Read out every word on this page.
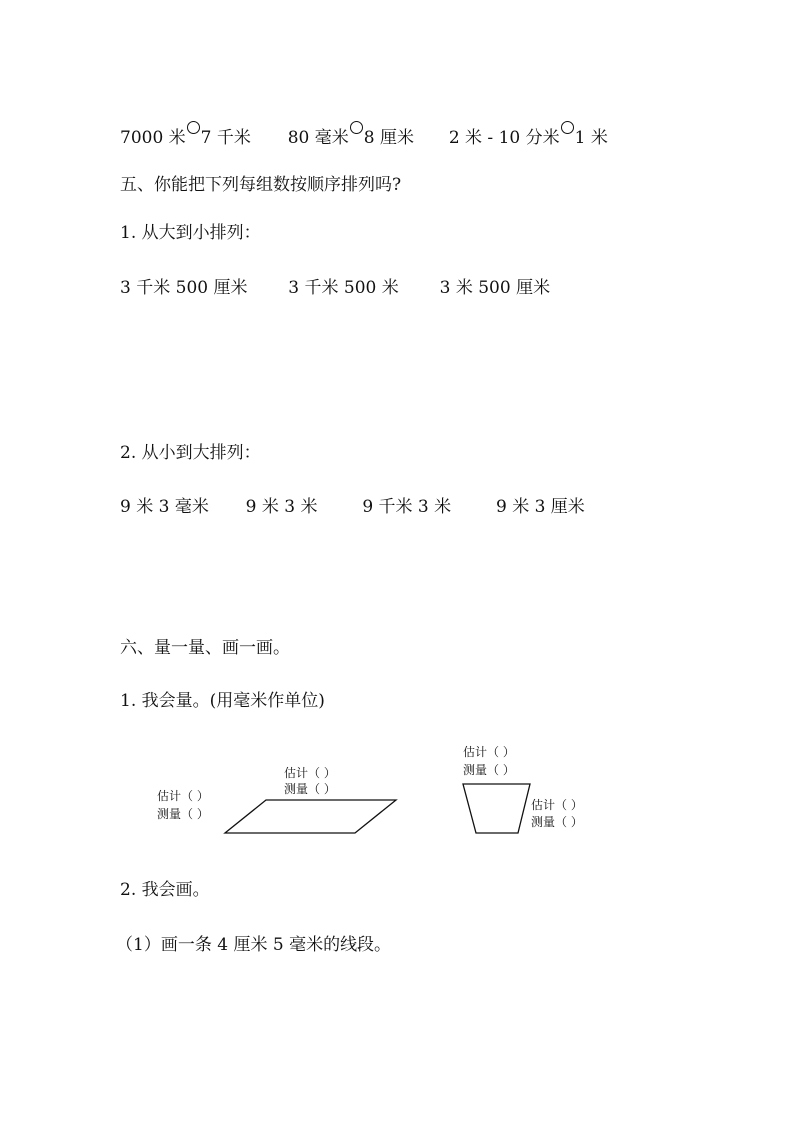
7000 米 7 千米 80 毫米 8 厘米 2 米 - 10 分米 1 米
五、你能把下列每组数按顺序排列吗?
1. 从大到小排列：
3 千米 500 厘米 3 千米 500 米 3 米 500 厘米
2. 从小到大排列：
9 米 3 毫米 9 米 3 米	9 千米 3 米	9 米 3 厘米
六、量一量、画一画。
1. 我会量。(用毫米作单位)
估计（ ）
测量（ ）
估计（ ）
测量（ ）
估计（ ）
测量（ ）
估计（ ）
测量（ ）
2. 我会画。
（1）画一条 4 厘米 5 毫米的线段。
